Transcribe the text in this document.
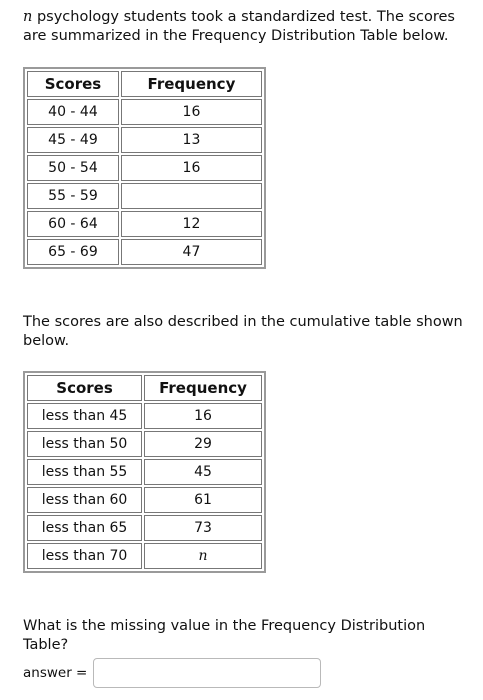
n psychology students took a standardized test. The scores are summarized in the Frequency Distribution Table below.

Scores	Frequency
40 - 44	16
45 - 49	13
50 - 54	16
55 - 59	
60 - 64	12
65 - 69	47

The scores are also described in the cumulative table shown below.

Scores	Frequency
less than 45	16
less than 50	29
less than 55	45
less than 60	61
less than 65	73
less than 70	n

What is the missing value in the Frequency Distribution Table?

answer =
